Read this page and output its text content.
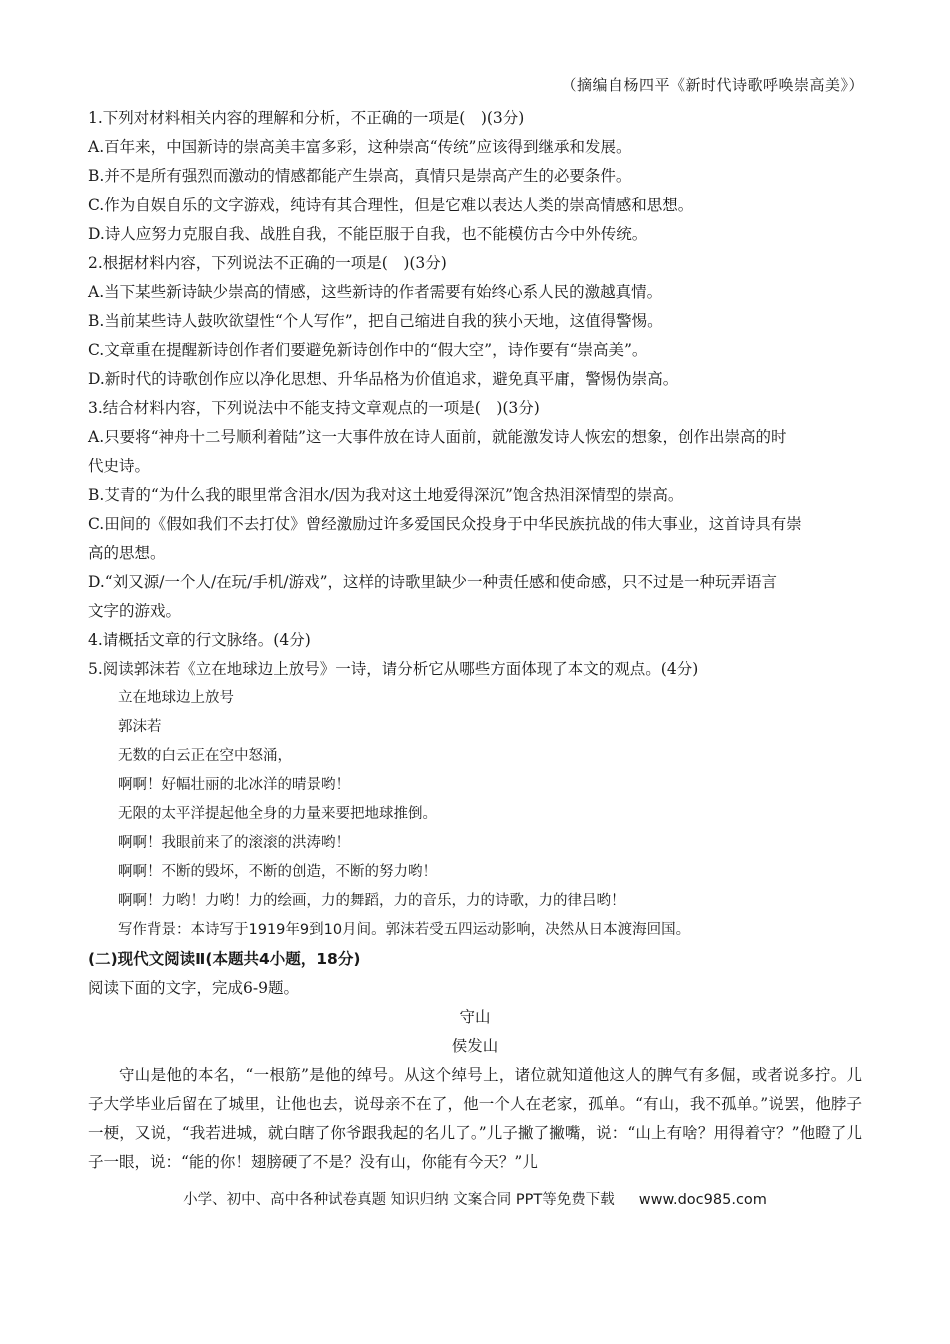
（摘编自杨四平《新时代诗歌呼唤崇高美》）

1.下列对材料相关内容的理解和分析，不正确的一项是(　)(3分)

A.百年来，中国新诗的崇高美丰富多彩，这种崇高“传统”应该得到继承和发展。

B.并不是所有强烈而激动的情感都能产生崇高，真情只是崇高产生的必要条件。

C.作为自娱自乐的文字游戏，纯诗有其合理性，但是它难以表达人类的崇高情感和思想。

D.诗人应努力克服自我、战胜自我，不能臣服于自我，也不能模仿古今中外传统。

2.根据材料内容，下列说法不正确的一项是(　)(3分)

A.当下某些新诗缺少崇高的情感，这些新诗的作者需要有始终心系人民的激越真情。

B.当前某些诗人鼓吹欲望性“个人写作”，把自己缩进自我的狭小天地，这值得警惕。

C.文章重在提醒新诗创作者们要避免新诗创作中的“假大空”，诗作要有“崇高美”。

D.新时代的诗歌创作应以净化思想、升华品格为价值追求，避免真平庸，警惕伪崇高。

3.结合材料内容，下列说法中不能支持文章观点的一项是(　)(3分)

A.只要将“神舟十二号顺利着陆”这一大事件放在诗人面前，就能激发诗人恢宏的想象，创作出崇高的时

代史诗。

B.艾青的“为什么我的眼里常含泪水/因为我对这土地爱得深沉”饱含热泪深情型的崇高。

C.田间的《假如我们不去打仗》曾经激励过许多爱国民众投身于中华民族抗战的伟大事业，这首诗具有崇

高的思想。

D.“刘又源/一个人/在玩/手机/游戏”，这样的诗歌里缺少一种责任感和使命感，只不过是一种玩弄语言

文字的游戏。

4.请概括文章的行文脉络。(4分)

5.阅读郭沫若《立在地球边上放号》一诗，请分析它从哪些方面体现了本文的观点。(4分)

立在地球边上放号

郭沫若

无数的白云正在空中怒涌，

啊啊！好幅壮丽的北冰洋的晴景哟！

无限的太平洋提起他全身的力量来要把地球推倒。

啊啊！我眼前来了的滚滚的洪涛哟！

啊啊！不断的毁坏，不断的创造，不断的努力哟！

啊啊！力哟！力哟！力的绘画，力的舞蹈，力的音乐，力的诗歌，力的律吕哟！

写作背景：本诗写于1919年9到10月间。郭沫若受五四运动影响，决然从日本渡海回国。

(二)现代文阅读Ⅱ(本题共4小题，18分)

阅读下面的文字，完成6-9题。

守山

侯发山

守山是他的本名，“一根筋”是他的绰号。从这个绰号上，诸位就知道他这人的脾气有多倔，或者说多拧。儿子大学毕业后留在了城里，让他也去，说母亲不在了，他一个人在老家，孤单。“有山，我不孤单。”说罢，他脖子一梗，又说，“我若进城，就白瞎了你爷跟我起的名儿了。”儿子撇了撇嘴，说：“山上有啥？用得着守？”他瞪了儿子一眼，说：“能的你！翅膀硬了不是？没有山，你能有今天？”儿

小学、初中、高中各种试卷真题 知识归纳 文案合同 PPT等免费下载 www.doc985.com
